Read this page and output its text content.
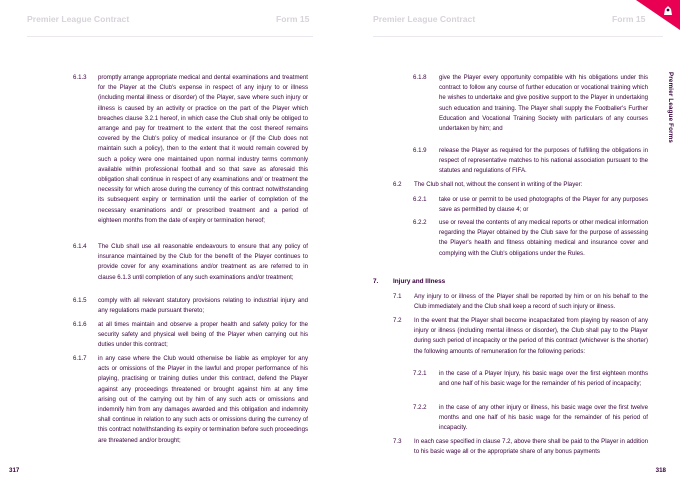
Premier League Contract	Form 15
6.1.3 promptly arrange appropriate medical and dental examinations and treatment for the Player at the Club's expense in respect of any injury to or illness (including mental illness or disorder) of the Player, save where such injury or illness is caused by an activity or practice on the part of the Player which breaches clause 3.2.1 hereof, in which case the Club shall only be obliged to arrange and pay for treatment to the extent that the cost thereof remains covered by the Club's policy of medical insurance or (if the Club does not maintain such a policy), then to the extent that it would remain covered by such a policy were one maintained upon normal industry terms commonly available within professional football and so that save as aforesaid this obligation shall continue in respect of any examinations and/ or treatment the necessity for which arose during the currency of this contract notwithstanding its subsequent expiry or termination until the earlier of completion of the necessary examinations and/ or prescribed treatment and a period of eighteen months from the date of expiry or termination hereof;
6.1.4 The Club shall use all reasonable endeavours to ensure that any policy of insurance maintained by the Club for the benefit of the Player continues to provide cover for any examinations and/or treatment as are referred to in clause 6.1.3 until completion of any such examinations and/or treatment;
6.1.5 comply with all relevant statutory provisions relating to industrial injury and any regulations made pursuant thereto;
6.1.6 at all times maintain and observe a proper health and safety policy for the security safety and physical well being of the Player when carrying out his duties under this contract;
6.1.7 in any case where the Club would otherwise be liable as employer for any acts or omissions of the Player in the lawful and proper performance of his playing, practising or training duties under this contract, defend the Player against any proceedings threatened or brought against him at any time arising out of the carrying out by him of any such acts or omissions and indemnify him from any damages awarded and this obligation and indemnity shall continue in relation to any such acts or omissions during the currency of this contract notwithstanding its expiry or termination before such proceedings are threatened and/or brought;
317
Premier League Contract	Form 15
Premier League Forms
6.1.8 give the Player every opportunity compatible with his obligations under this contract to follow any course of further education or vocational training which he wishes to undertake and give positive support to the Player in undertaking such education and training. The Player shall supply the Footballer's Further Education and Vocational Training Society with particulars of any courses undertaken by him; and
6.1.9 release the Player as required for the purposes of fulfilling the obligations in respect of representative matches to his national association pursuant to the statutes and regulations of FIFA.
6.2 The Club shall not, without the consent in writing of the Player:
6.2.1 take or use or permit to be used photographs of the Player for any purposes save as permitted by clause 4; or
6.2.2 use or reveal the contents of any medical reports or other medical information regarding the Player obtained by the Club save for the purpose of assessing the Player's health and fitness obtaining medical and insurance cover and complying with the Club's obligations under the Rules.
7. Injury and Illness
7.1 Any injury to or illness of the Player shall be reported by him or on his behalf to the Club immediately and the Club shall keep a record of such injury or illness.
7.2 In the event that the Player shall become incapacitated from playing by reason of any injury or illness (including mental illness or disorder), the Club shall pay to the Player during such period of incapacity or the period of this contract (whichever is the shorter) the following amounts of remuneration for the following periods:
7.2.1 in the case of a Player Injury, his basic wage over the first eighteen months and one half of his basic wage for the remainder of his period of incapacity;
7.2.2 in the case of any other injury or illness, his basic wage over the first twelve months and one half of his basic wage for the remainder of his period of incapacity.
7.3 In each case specified in clause 7.2, above there shall be paid to the Player in addition to his basic wage all or the appropriate share of any bonus payments
318
